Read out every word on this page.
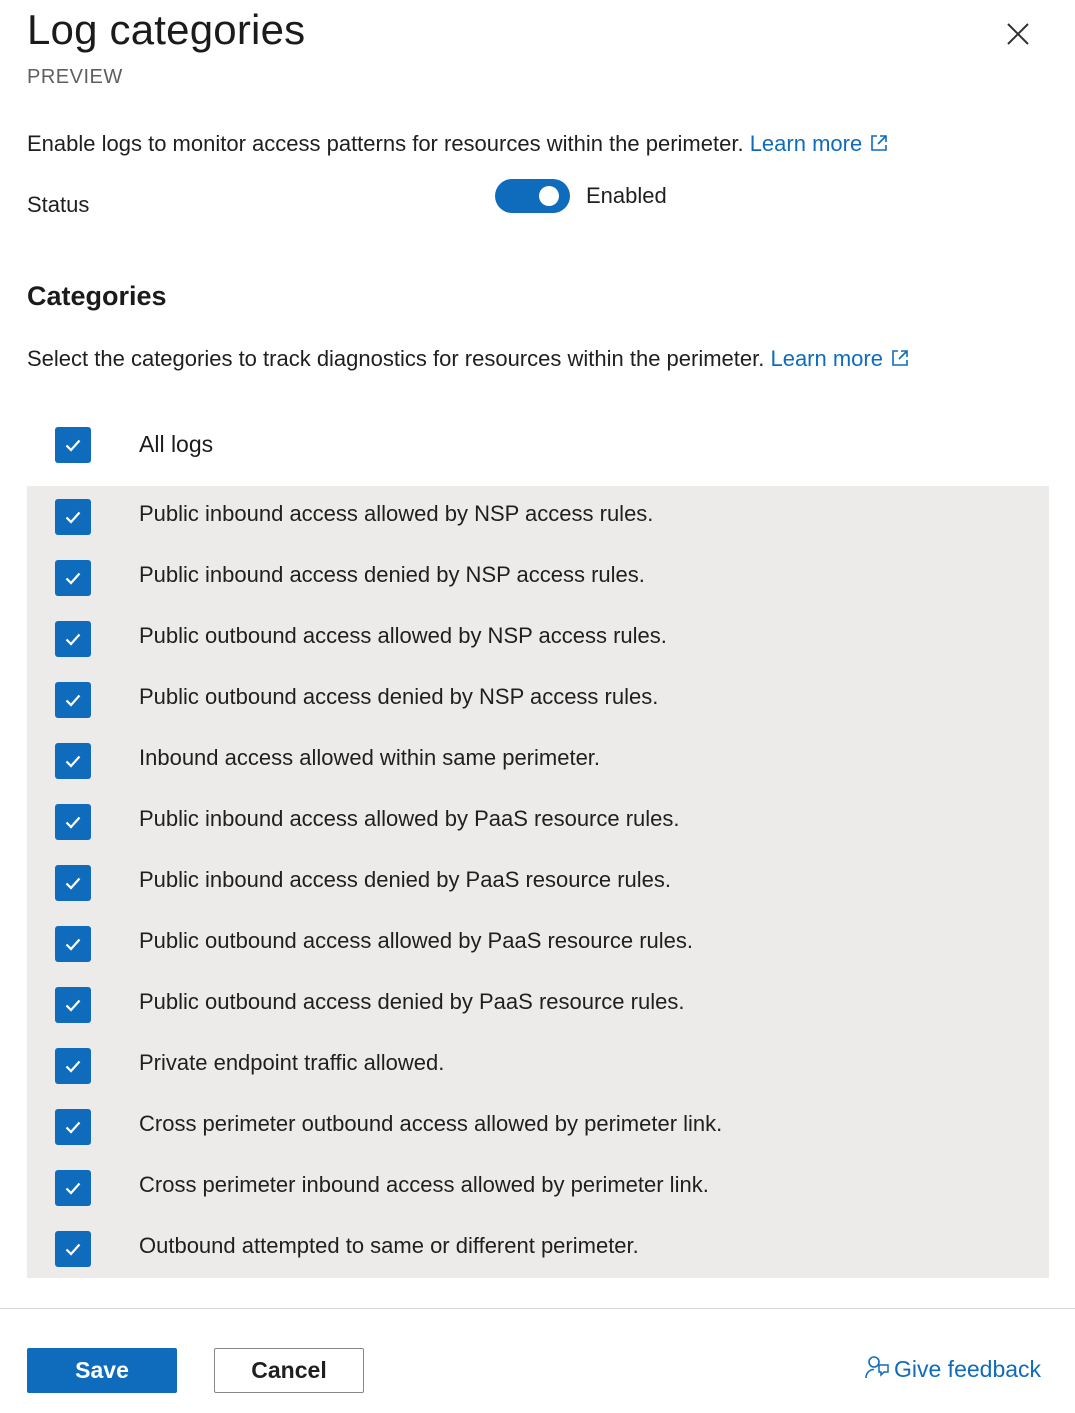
Log categories
PREVIEW
Enable logs to monitor access patterns for resources within the perimeter. Learn more
Status	Enabled
Categories
Select the categories to track diagnostics for resources within the perimeter. Learn more
All logs
Public inbound access allowed by NSP access rules.
Public inbound access denied by NSP access rules.
Public outbound access allowed by NSP access rules.
Public outbound access denied by NSP access rules.
Inbound access allowed within same perimeter.
Public inbound access allowed by PaaS resource rules.
Public inbound access denied by PaaS resource rules.
Public outbound access allowed by PaaS resource rules.
Public outbound access denied by PaaS resource rules.
Private endpoint traffic allowed.
Cross perimeter outbound access allowed by perimeter link.
Cross perimeter inbound access allowed by perimeter link.
Outbound attempted to same or different perimeter.
Save	Cancel	Give feedback
